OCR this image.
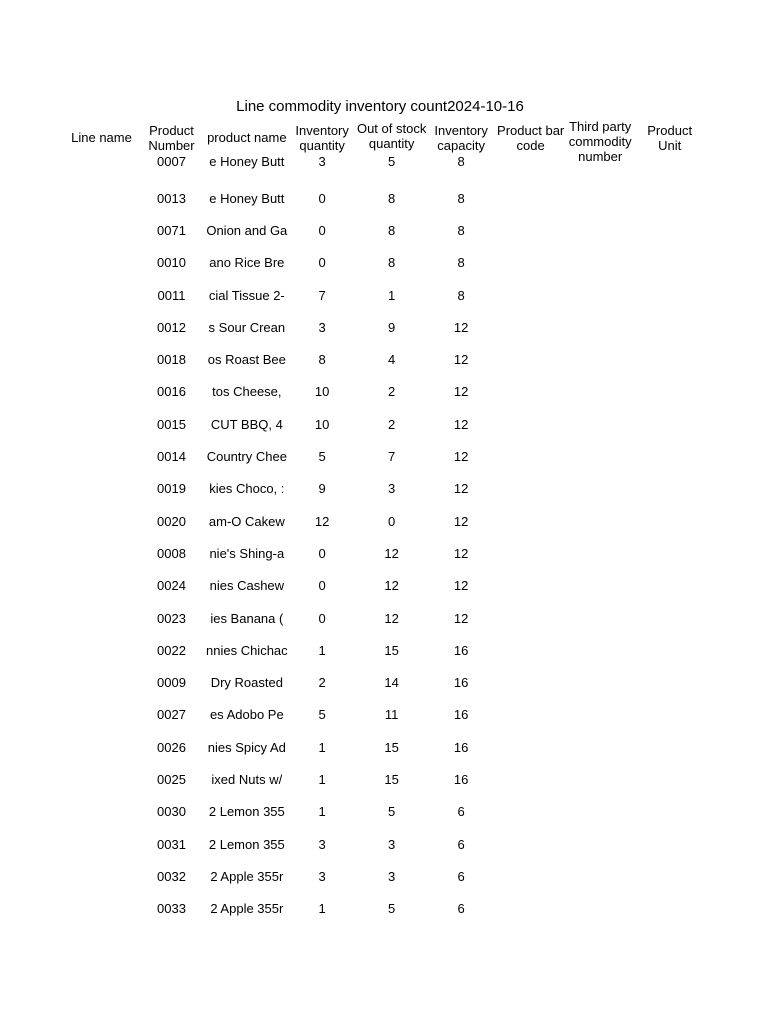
Line commodity inventory count2024-10-16
Line name	Product Number	product name	Inventory quantity	Out of stock quantity	Inventory capacity	Product bar code	Third party commodity number	Product Unit

	0007	e Honey Butt	3	5	8			
	0013	e Honey Butt	0	8	8			
	0071	Onion and Ga	0	8	8			
	0010	ano Rice Bre	0	8	8			
	0011	cial Tissue 2-	7	1	8			
	0012	s Sour Crean	3	9	12			
	0018	os Roast Bee	8	4	12			
	0016	tos Cheese,	10	2	12			
	0015	CUT BBQ, 4	10	2	12			
	0014	Country Chee	5	7	12			
	0019	kies Choco, :	9	3	12			
	0020	am-O Cakew	12	0	12			
	0008	nie's Shing-a	0	12	12			
	0024	nies Cashew	0	12	12			
	0023	ies Banana (	0	12	12			
	0022	nnies Chichac	1	15	16			
	0009	Dry Roasted	2	14	16			
	0027	es Adobo Pe	5	11	16			
	0026	nies Spicy Ad	1	15	16			
	0025	ixed Nuts w/	1	15	16			
	0030	2 Lemon 355	1	5	6			
	0031	2 Lemon 355	3	3	6			
	0032	2 Apple 355r	3	3	6			
	0033	2 Apple 355r	1	5	6			
